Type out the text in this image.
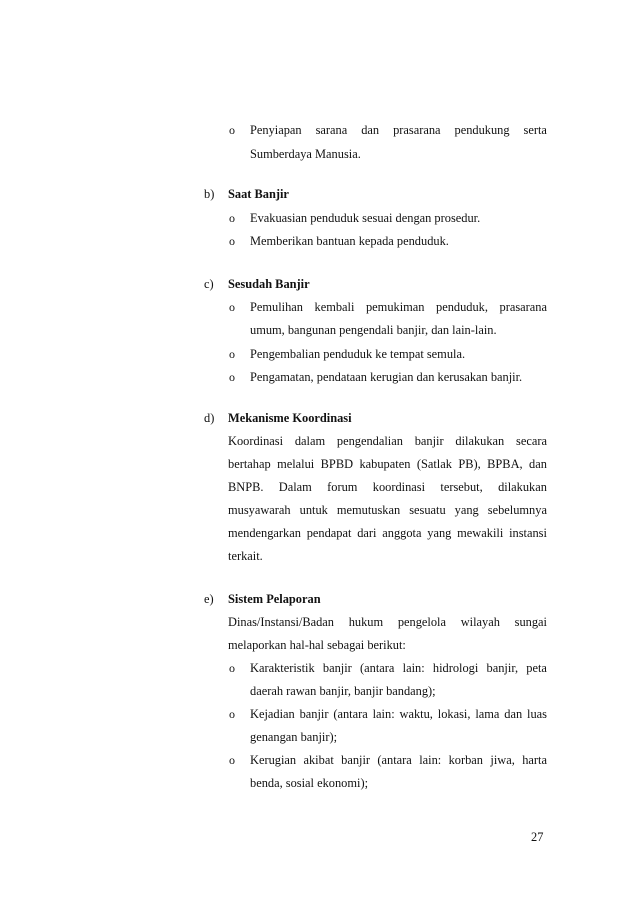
o Penyiapan sarana dan prasarana pendukung serta
Sumberdaya Manusia.
b) Saat Banjir
o Evakuasian penduduk sesuai dengan prosedur.
o Memberikan bantuan kepada penduduk.
c) Sesudah Banjir
o Pemulihan kembali pemukiman penduduk, prasarana
umum, bangunan pengendali banjir, dan lain-lain.
o Pengembalian penduduk ke tempat semula.
o Pengamatan, pendataan kerugian dan kerusakan banjir.
d) Mekanisme Koordinasi
Koordinasi dalam pengendalian banjir dilakukan secara
bertahap melalui BPBD kabupaten (Satlak PB), BPBA, dan
BNPB. Dalam forum koordinasi tersebut, dilakukan
musyawarah untuk memutuskan sesuatu yang sebelumnya
mendengarkan pendapat dari anggota yang mewakili instansi
terkait.
e) Sistem Pelaporan
Dinas/Instansi/Badan hukum pengelola wilayah sungai
melaporkan hal-hal sebagai berikut:
o Karakteristik banjir (antara lain: hidrologi banjir, peta
daerah rawan banjir, banjir bandang);
o Kejadian banjir (antara lain: waktu, lokasi, lama dan luas
genangan banjir);
o Kerugian akibat banjir (antara lain: korban jiwa, harta
benda, sosial ekonomi);
27
